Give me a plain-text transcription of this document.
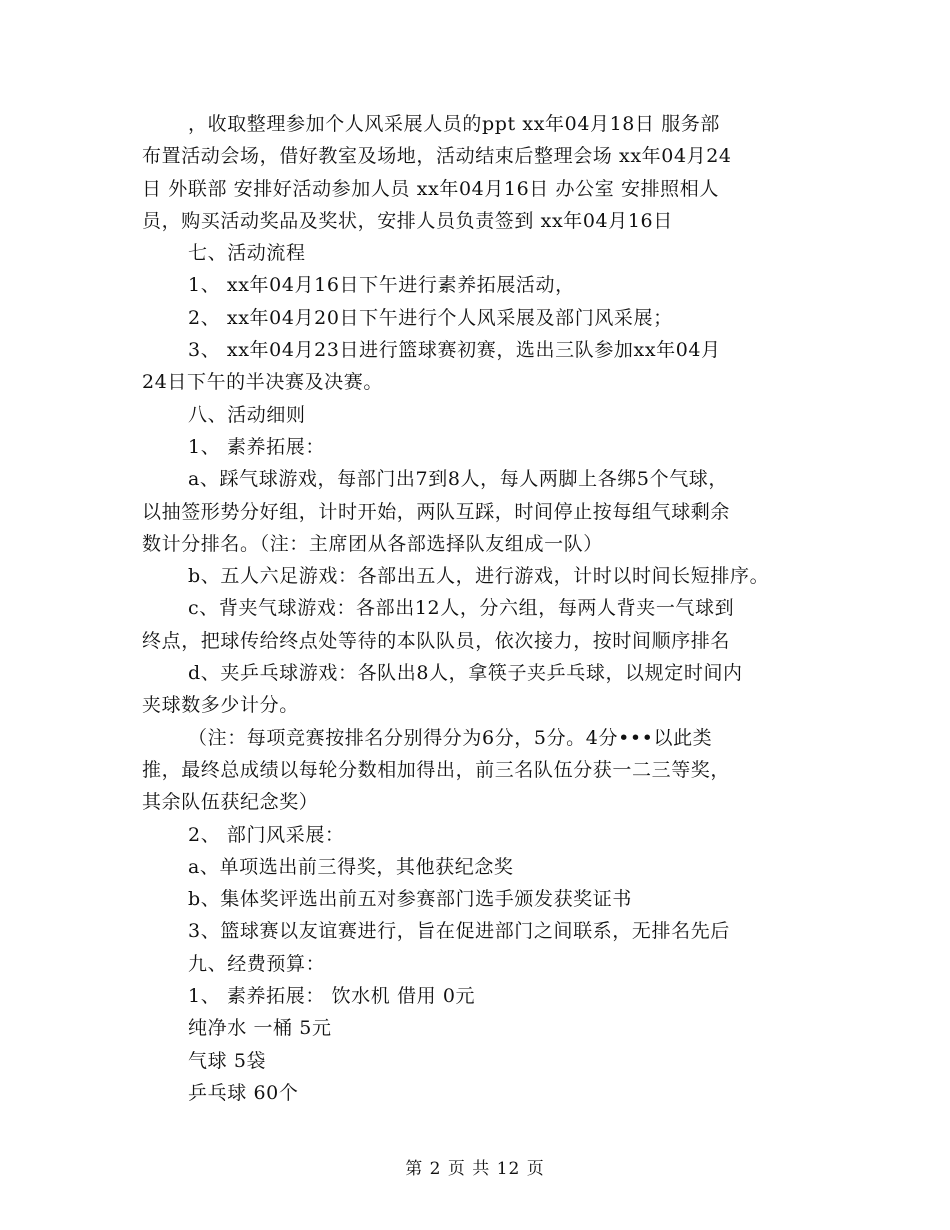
，收取整理参加个人风采展人员的ppt xx年04月18日 服务部
布置活动会场，借好教室及场地，活动结束后整理会场 xx年04月24
日 外联部 安排好活动参加人员 xx年04月16日 办公室 安排照相人
员，购买活动奖品及奖状，安排人员负责签到 xx年04月16日
七、活动流程
1、 xx年04月16日下午进行素养拓展活动，
2、 xx年04月20日下午进行个人风采展及部门风采展；
3、 xx年04月23日进行篮球赛初赛，选出三队参加xx年04月
24日下午的半决赛及决赛。
八、活动细则
1、 素养拓展：
a、踩气球游戏，每部门出7到8人，每人两脚上各绑5个气球，
以抽签形势分好组，计时开始，两队互踩，时间停止按每组气球剩余
数计分排名。（注：主席团从各部选择队友组成一队）
b、五人六足游戏：各部出五人，进行游戏，计时以时间长短排序。
c、背夹气球游戏：各部出12人，分六组，每两人背夹一气球到
终点，把球传给终点处等待的本队队员，依次接力，按时间顺序排名
d、夹乒乓球游戏：各队出8人，拿筷子夹乒乓球，以规定时间内
夹球数多少计分。
（注：每项竞赛按排名分别得分为6分，5分。4分•••以此类
推，最终总成绩以每轮分数相加得出，前三名队伍分获一二三等奖，
其余队伍获纪念奖）
2、 部门风采展：
a、单项选出前三得奖，其他获纪念奖
b、集体奖评选出前五对参赛部门选手颁发获奖证书
3、篮球赛以友谊赛进行，旨在促进部门之间联系，无排名先后
九、经费预算：
1、 素养拓展： 饮水机 借用 0元
纯净水 一桶 5元
气球 5袋
乒乓球 60个
第 2 页 共 12 页
